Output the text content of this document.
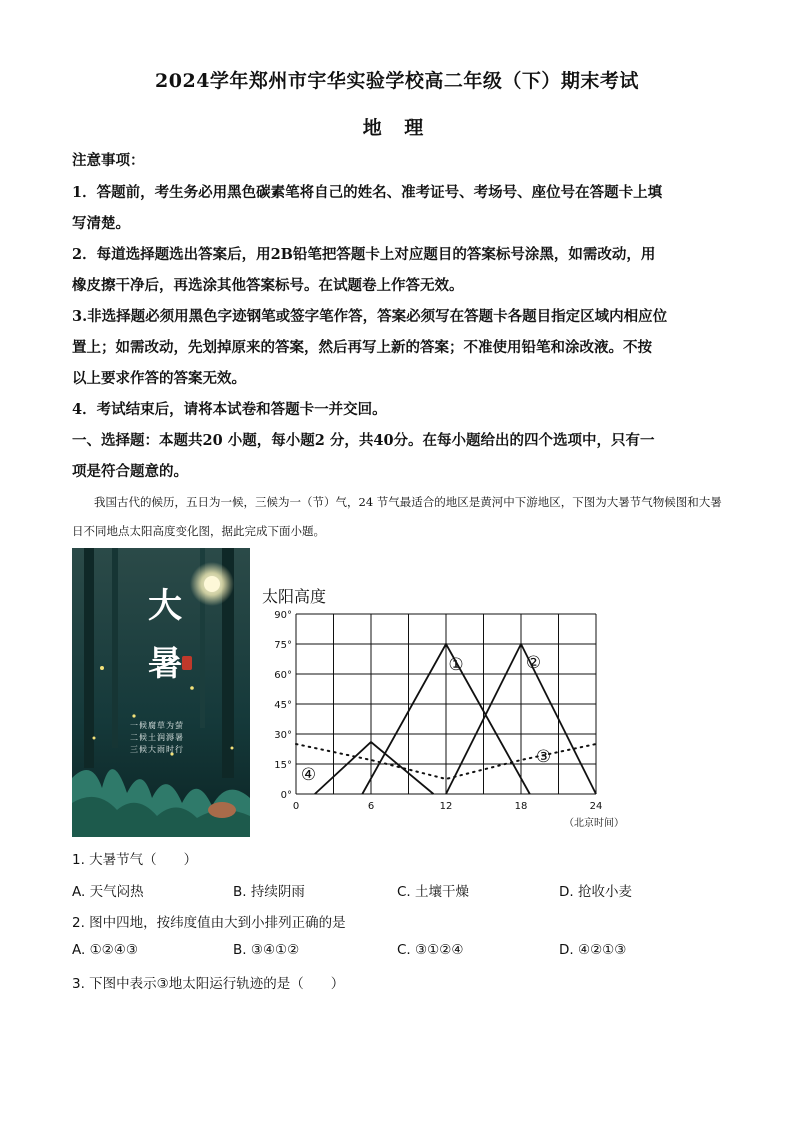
2024学年郑州市宇华实验学校高二年级（下）期末考试
地 理
注意事项：
1．答题前，考生务必用黑色碳素笔将自己的姓名、准考证号、考场号、座位号在答题卡上填
写清楚。
2．每道选择题选出答案后，用2B铅笔把答题卡上对应题目的答案标号涂黑，如需改动，用
橡皮擦干净后，再选涂其他答案标号。在试题卷上作答无效。
3.非选择题必须用黑色字迹钢笔或签字笔作答，答案必须写在答题卡各题目指定区域内相应位
置上；如需改动，先划掉原来的答案，然后再写上新的答案；不准使用铅笔和涂改液。不按
以上要求作答的答案无效。
4．考试结束后，请将本试卷和答题卡一并交回。
一、选择题：本题共20 小题，每小题2 分，共40分。在每小题给出的四个选项中，只有一
项是符合题意的。
我国古代的候历，五日为一候，三候为一（节）气，24 节气最适合的地区是黄河中下游地区，下图为大暑节气物候图和大暑日不同地点太阳高度变化图，据此完成下面小题。
大
暑
一候腐草为萤
二候土润溽暑
三候大雨时行
太阳高度
0°
15°
30°
45°
60°
75°
90°
0	6	12	18	24
（北京时间）
①	②
③
④
1. 大暑节气（　　）
A. 天气闷热	B. 持续阴雨	C. 土壤干燥	D. 抢收小麦
2. 图中四地，按纬度值由大到小排列正确的是
A. ①②④③	B. ③④①②	C. ③①②④	D. ④②①③
3. 下图中表示③地太阳运行轨迹的是（　　）
